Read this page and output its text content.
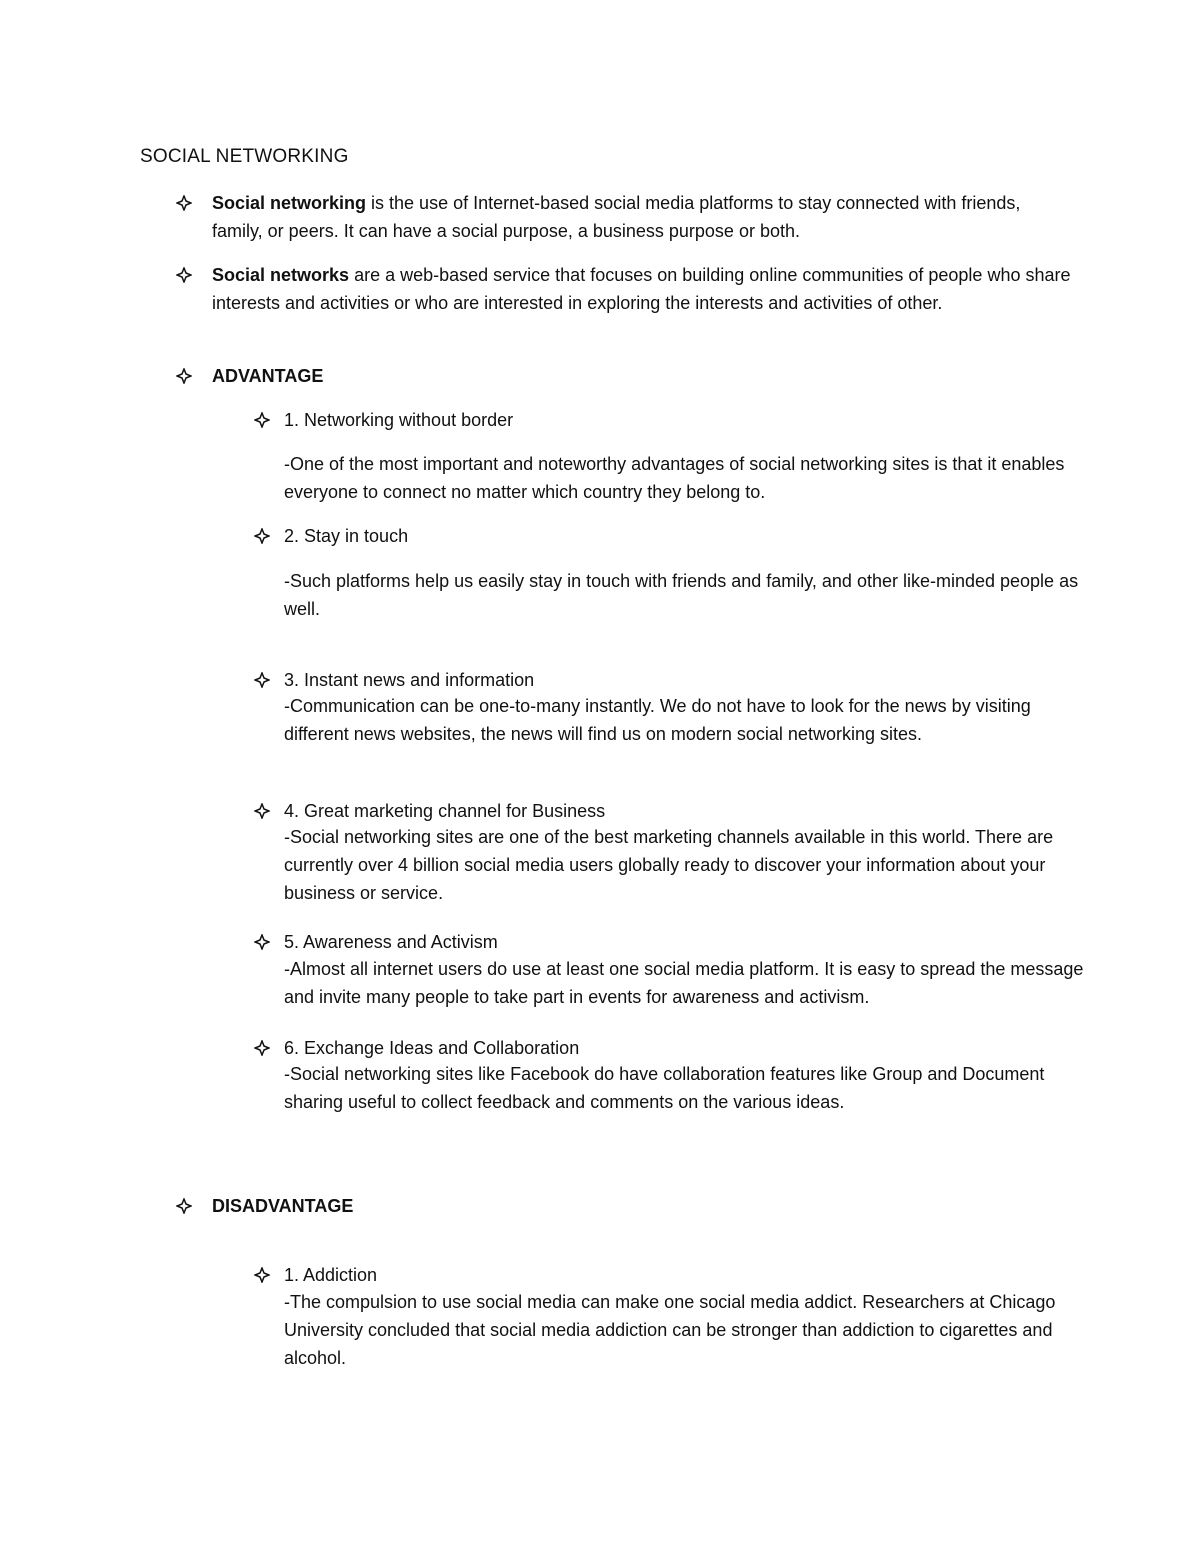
SOCIAL NETWORKING

Social networking is the use of Internet-based social media platforms to stay connected with friends, family, or peers. It can have a social purpose, a business purpose or both.

Social networks are a web-based service that focuses on building online communities of people who share interests and activities or who are interested in exploring the interests and activities of other.

ADVANTAGE

1. Networking without border

-One of the most important and noteworthy advantages of social networking sites is that it enables everyone to connect no matter which country they belong to.

2. Stay in touch

-Such platforms help us easily stay in touch with friends and family, and other like-minded people as well.

3. Instant news and information

-Communication can be one-to-many instantly. We do not have to look for the news by visiting different news websites, the news will find us on modern social networking sites.

4. Great marketing channel for Business

-Social networking sites are one of the best marketing channels available in this world. There are currently over 4 billion social media users globally ready to discover your information about your business or service.

5. Awareness and Activism

-Almost all internet users do use at least one social media platform. It is easy to spread the message and invite many people to take part in events for awareness and activism.

6. Exchange Ideas and Collaboration

-Social networking sites like Facebook do have collaboration features like Group and Document sharing useful to collect feedback and comments on the various ideas.

DISADVANTAGE

1. Addiction

-The compulsion to use social media can make one social media addict. Researchers at Chicago University concluded that social media addiction can be stronger than addiction to cigarettes and alcohol.
